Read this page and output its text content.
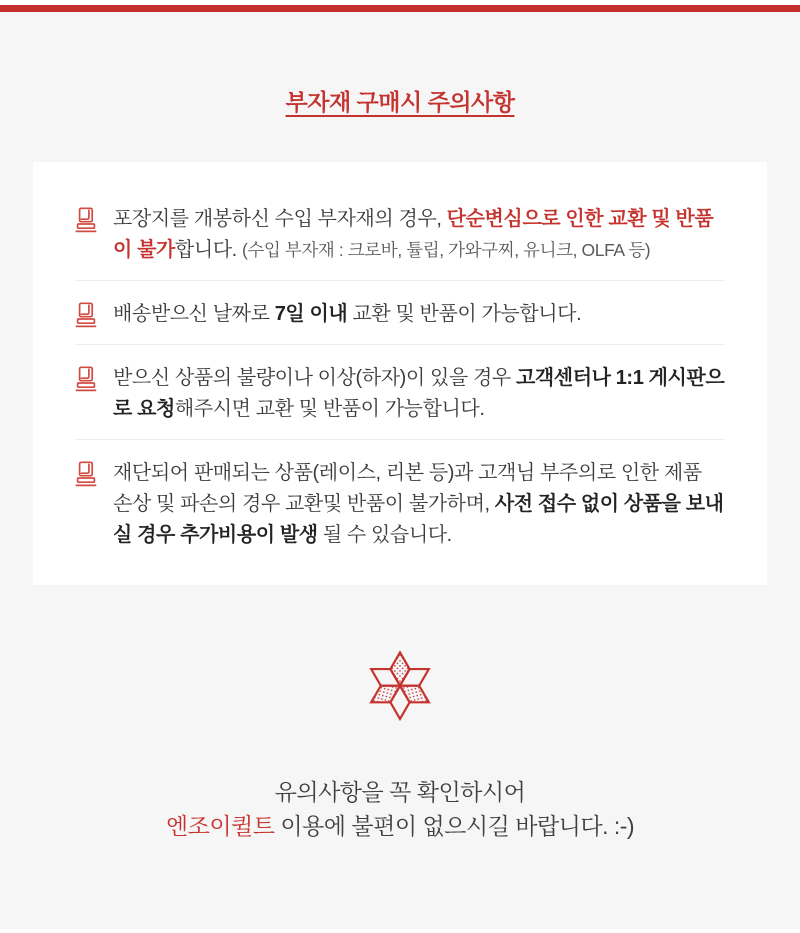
부자재 구매시 주의사항

포장지를 개봉하신 수입 부자재의 경우, 단순변심으로 인한 교환 및 반품이 불가합니다. (수입 부자재 : 크로바, 튤립, 가와구찌, 유니크, OLFA 등)

배송받으신 날짜로 7일 이내 교환 및 반품이 가능합니다.

받으신 상품의 불량이나 이상(하자)이 있을 경우 고객센터나 1:1 게시판으로 요청해주시면 교환 및 반품이 가능합니다.

재단되어 판매되는 상품(레이스, 리본 등)과 고객님 부주의로 인한 제품 손상 및 파손의 경우 교환및 반품이 불가하며, 사전 접수 없이 상품을 보내실 경우 추가비용이 발생 될 수 있습니다.

유의사항을 꼭 확인하시어

엔조이퀼트 이용에 불편이 없으시길 바랍니다. :-)
